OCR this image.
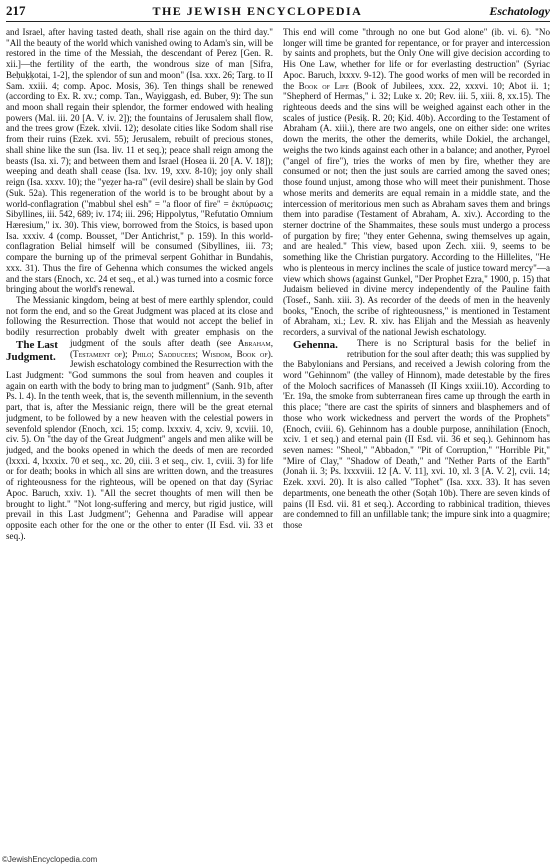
217	THE JEWISH ENCYCLOPEDIA	Eschatology

and Israel, after having tasted death, shall rise again on the third day." "All the beauty of the world which vanished owing to Adam's sin, will be restored in the time of the Messiah, the descendant of Perez [Gen. R. xii.]—the fertility of the earth, the wondrous size of man [Sifra, Beḥuḳḳotai, 1-2], the splendor of sun and moon" (Isa. xxx. 26; Targ. to II Sam. xxiii. 4; comp. Apoc. Mosis, 36). Ten things shall be renewed (according to Ex. R. xv.; comp. Tan., Wayiggash, ed. Buber, 9): The sun and moon shall regain their splendor, the former endowed with healing powers (Mal. iii. 20 [A. V. iv. 2]); the fountains of Jerusalem shall flow, and the trees grow (Ezek. xlvii. 12); desolate cities like Sodom shall rise from their ruins (Ezek. xvi. 55); Jerusalem, rebuilt of precious stones, shall shine like the sun (Isa. liv. 11 et seq.); peace shall reign among the beasts (Isa. xi. 7); and between them and Israel (Hosea ii. 20 [A. V. 18]); weeping and death shall cease (Isa. lxv. 19, xxv. 8-10); joy only shall reign (Isa. xxxv. 10); the "yeẓer ha-ra'" (evil desire) shall be slain by God (Suk. 52a). This regeneration of the world is to be brought about by a world-conflagration ("mabbul shel esh" = "a floor of fire" = ἐκπύρωσις; Sibyllines, iii. 542, 689; iv. 174; iii. 296; Hippolytus, "Refutatio Omnium Hæresium," ix. 30). This view, borrowed from the Stoics, is based upon Isa. xxxiv. 4 (comp. Bousset, "Der Antichrist," p. 159). In this world-conflagration Belial himself will be consumed (Sibyllines, iii. 73; compare the burning up of the primeval serpent Gohithar in Bundahis, xxx. 31). Thus the fire of Gehenna which consumes the wicked angels and the stars (Enoch, xc. 24 et seq., et al.) was turned into a cosmic force bringing about the world's renewal.

The Messianic kingdom, being at best of mere earthly splendor, could not form the end, and so the Great Judgment was placed at its close and following the Resurrection. Those that would not accept the belief in bodily resurrection probably dwelt with greater emphasis on the judgment of the souls after death (see
The Last Judgment.
Abraham, (Testament of); Philo; Sadducees; Wisdom, Book of). Jewish eschatology combined the Resurrection with the Last Judgment: "God summons the soul from heaven and couples it again on earth with the body to bring man to judgment" (Sanh. 91b, after Ps. l. 4). In the tenth week, that is, the seventh millennium, in the seventh part, that is, after the Messianic reign, there will be the great eternal judgment, to be followed by a new heaven with the celestial powers in sevenfold splendor (Enoch, xci. 15; comp. lxxxiv. 4, xciv. 9, xcviii. 10, civ. 5). On "the day of the Great Judgment" angels and men alike will be judged, and the books opened in which the deeds of men are recorded (lxxxi. 4, lxxxix. 70 et seq., xc. 20, ciii. 3 et seq., civ. 1, cviii. 3) for life or for death; books in which all sins are written down, and the treasures of righteousness for the righteous, will be opened on that day (Syriac Apoc. Baruch, xxiv. 1). "All the secret thoughts of men will then be brought to light." "Not long-suffering and mercy, but rigid justice, will prevail in this Last Judgment"; Gehenna and Paradise will appear opposite each other for the one or the other to enter (II Esd. vii. 33 et seq.).

This end will come "through no one but God alone" (ib. vi. 6). "No longer will time be granted for repentance, or for prayer and intercession by saints and prophets, but the Only One will give decision according to His One Law, whether for life or for everlasting destruction" (Syriac Apoc. Baruch, lxxxv. 9-12). The good works of men will be recorded in the Book of Life (Book of Jubilees, xxx. 22, xxxvi. 10; Abot ii. 1; "Shepherd of Hermas," i. 32; Luke x. 20; Rev. iii. 5, xiii. 8, xx.15). The righteous deeds and the sins will be weighed against each other in the scales of justice (Pesiḳ. R. 20; Ḳid. 40b). According to the Testament of Abraham (A. xiii.), there are two angels, one on either side: one writes down the merits, the other the demerits, while Dokiel, the archangel, weighs the two kinds against each other in a balance; and another, Pyroel ("angel of fire"), tries the works of men by fire, whether they are consumed or not; then the just souls are carried among the saved ones; those found unjust, among those who will meet their punishment. Those whose merits and demerits are equal remain in a middle state, and the intercession of meritorious men such as Abraham saves them and brings them into paradise (Testament of Abraham, A. xiv.). According to the sterner doctrine of the Shammaites, these souls must undergo a process of purgation by fire; "they enter Gehenna, swing themselves up again, and are healed." This view, based upon Zech. xiii. 9, seems to be something like the Christian purgatory. According to the Hillelites, "He who is plenteous in mercy inclines the scale of justice toward mercy"—a view which shows (against Gunkel, "Der Prophet Ezra," 1900, p. 15) that Judaism believed in divine mercy independently of the Pauline faith (Tosef., Sanh. xiii. 3). As recorder of the deeds of men in the heavenly books, "Enoch, the scribe of righteousness," is mentioned in Testament of Abraham, xi.; Lev. R. xiv. has Elijah and the Messiah as heavenly recorders, a survival of the national Jewish eschatology.

Gehenna.	There is no Scriptural basis for the belief in retribution for the soul after death; this was supplied by the Babylonians and Persians, and received a Jewish coloring from the word "Gehinnom" (the valley of Hinnom), made detestable by the fires of the Moloch sacrifices of Manasseh (II Kings xxiii.10). According to 'Er. 19a, the smoke from subterranean fires came up through the earth in this place; "there are cast the spirits of sinners and blasphemers and of those who work wickedness and pervert the words of the Prophets" (Enoch, cviii. 6). Gehinnom has a double purpose, annihilation (Enoch, xciv. 1 et seq.) and eternal pain (II Esd. vii. 36 et seq.). Gehinnom has seven names: "Sheol," "Abbadon," "Pit of Corruption," "Horrible Pit," "Mire of Clay," "Shadow of Death," and "Nether Parts of the Earth" (Jonah ii. 3; Ps. lxxxviii. 12 [A. V. 11], xvi. 10, xl. 3 [A. V. 2], cvii. 14; Ezek. xxvi. 20). It is also called "Tophet" (Isa. xxx. 33). It has seven departments, one beneath the other (Soṭah 10b). There are seven kinds of pains (II Esd. vii. 81 et seq.). According to rabbinical tradition, thieves are condemned to fill an unfillable tank; the impure sink into a quagmire; those

©JewishEncyclopedia.com
